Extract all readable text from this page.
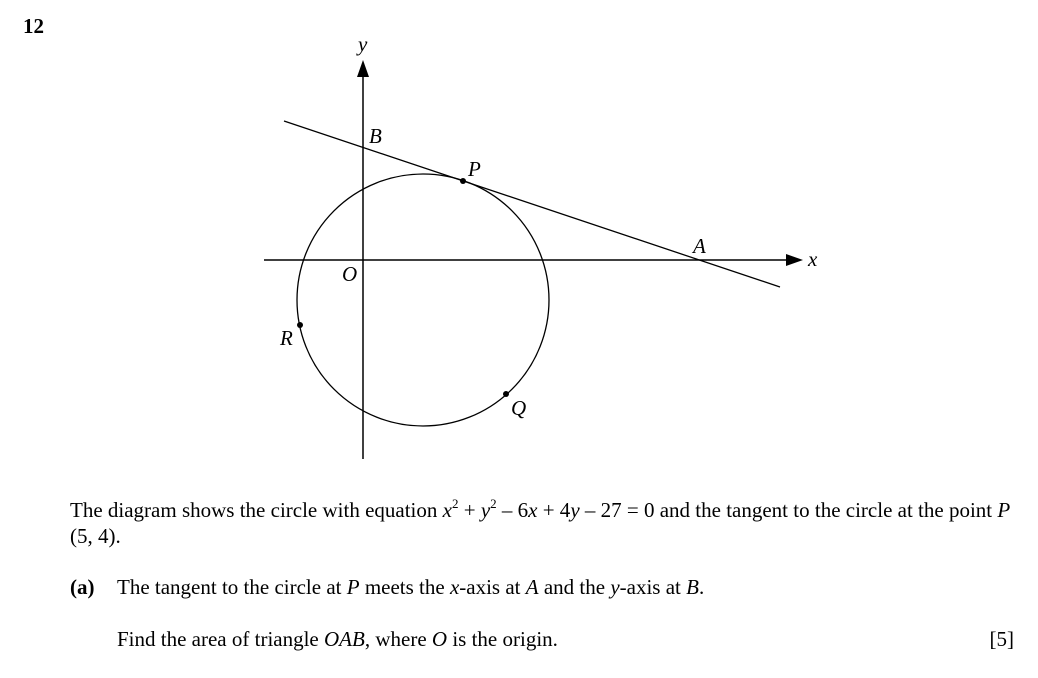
12
y
x
B
P
A
O
R
Q
The diagram shows the circle with equation $x^2 + y^2 - 6x + 4y - 27 = 0$ and the tangent to the circle at the point P (5, 4).
(a) The tangent to the circle at P meets the x-axis at A and the y-axis at B.
Find the area of triangle OAB, where O is the origin.	[5]
